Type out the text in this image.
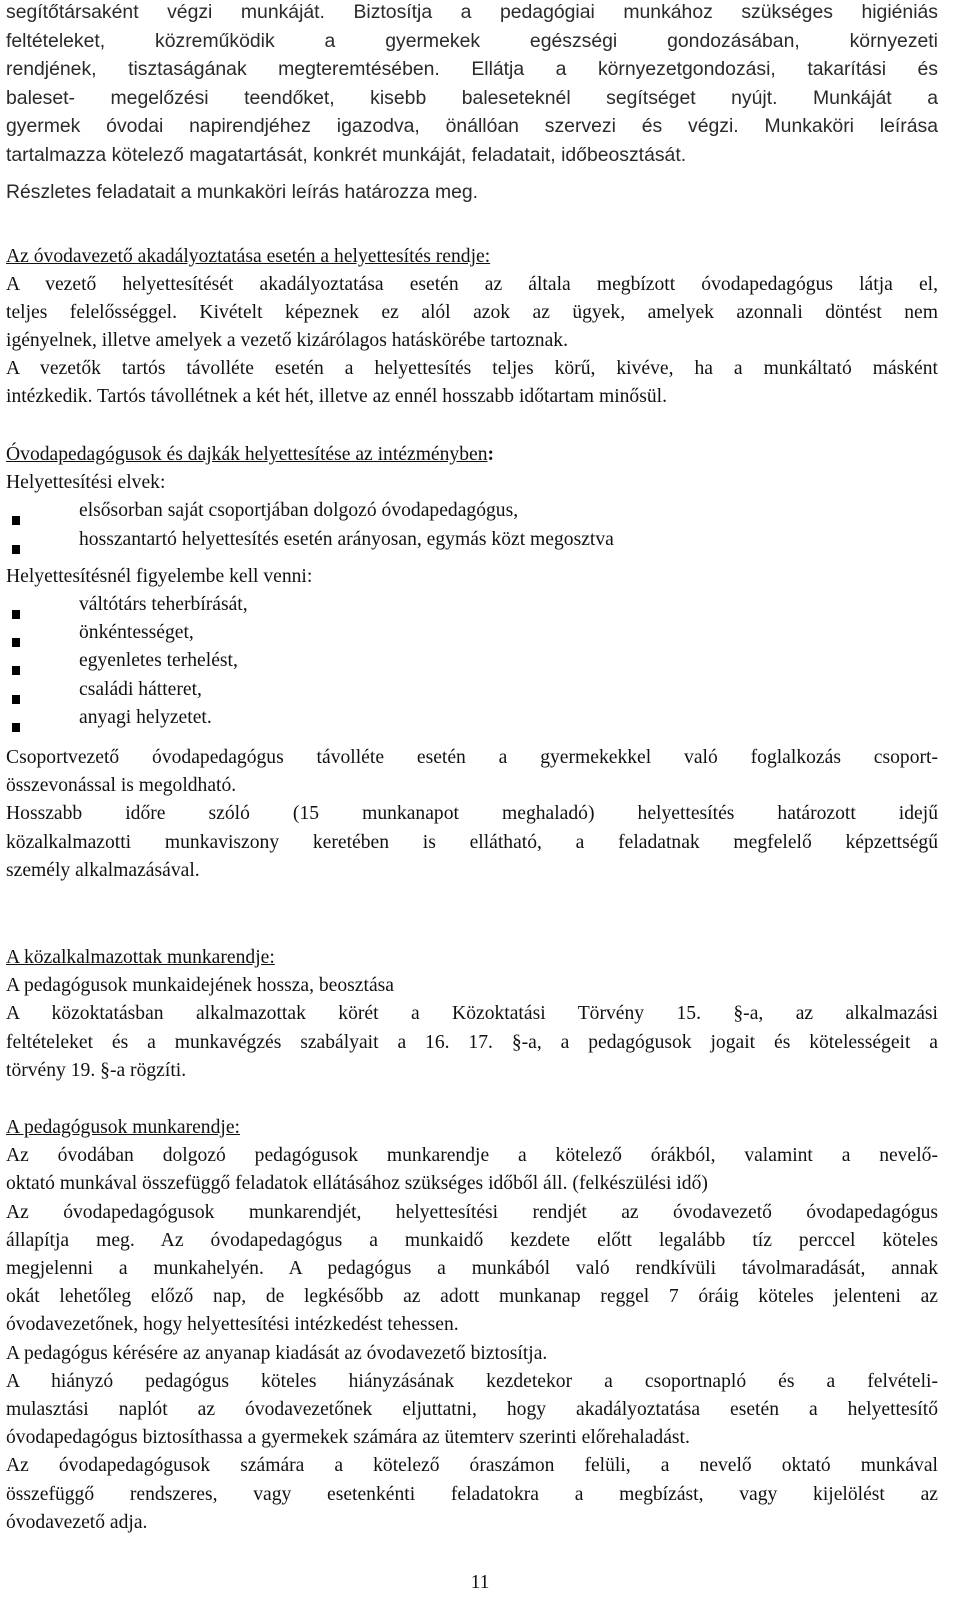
segítőtársaként végzi munkáját. Biztosítja a pedagógiai munkához szükséges higiéniás

feltételeket, közreműködik a gyermekek egészségi gondozásában, környezeti

rendjének, tisztaságának megteremtésében. Ellátja a környezetgondozási, takarítási és

baleset- megelőzési teendőket, kisebb baleseteknél segítséget nyújt. Munkáját a

gyermek óvodai napirendjéhez igazodva, önállóan szervezi és végzi. Munkaköri leírása

tartalmazza kötelező magatartását, konkrét munkáját, feladatait, időbeosztását.

Részletes feladatait a munkaköri leírás határozza meg.

Az óvodavezető akadályoztatása esetén a helyettesítés rendje:

A vezető helyettesítését akadályoztatása esetén az általa megbízott óvodapedagógus látja el,

teljes felelősséggel. Kivételt képeznek ez alól azok az ügyek, amelyek azonnali döntést nem

igényelnek, illetve amelyek a vezető kizárólagos hatáskörébe tartoznak.

A vezetők tartós távolléte esetén a helyettesítés teljes körű, kivéve, ha a munkáltató másként

intézkedik. Tartós távollétnek a két hét, illetve az ennél hosszabb időtartam minősül.

Óvodapedagógusok és dajkák helyettesítése az intézményben:

Helyettesítési elvek:

elsősorban saját csoportjában dolgozó óvodapedagógus,
hosszantartó helyettesítés esetén arányosan, egymás közt megosztva

Helyettesítésnél figyelembe kell venni:

váltótárs teherbírását,
önkéntességet,
egyenletes terhelést,
családi hátteret,
anyagi helyzetet.

Csoportvezető óvodapedagógus távolléte esetén a gyermekekkel való foglalkozás csoport-

összevonással is megoldható.

Hosszabb időre szóló (15 munkanapot meghaladó) helyettesítés határozott idejű

közalkalmazotti munkaviszony keretében is ellátható, a feladatnak megfelelő képzettségű

személy alkalmazásával.

A közalkalmazottak munkarendje:

A pedagógusok munkaidejének hossza, beosztása

A közoktatásban alkalmazottak körét a Közoktatási Törvény 15. §-a, az alkalmazási

feltételeket és a munkavégzés szabályait a 16. 17. §-a, a pedagógusok jogait és kötelességeit a

törvény 19. §-a rögzíti.

A pedagógusok munkarendje:

Az óvodában dolgozó pedagógusok munkarendje a kötelező órákból, valamint a nevelő-

oktató munkával összefüggő feladatok ellátásához szükséges időből áll. (felkészülési idő)

Az óvodapedagógusok munkarendjét, helyettesítési rendjét az óvodavezető óvodapedagógus

állapítja meg. Az óvodapedagógus a munkaidő kezdete előtt legalább tíz perccel köteles

megjelenni a munkahelyén. A pedagógus a munkából való rendkívüli távolmaradását, annak

okát lehetőleg előző nap, de legkésőbb az adott munkanap reggel 7 óráig köteles jelenteni az

óvodavezetőnek, hogy helyettesítési intézkedést tehessen.

A pedagógus kérésére az anyanap kiadását az óvodavezető biztosítja.

A hiányzó pedagógus köteles hiányzásának kezdetekor a csoportnapló és a felvételi-

mulasztási naplót az óvodavezetőnek eljuttatni, hogy akadályoztatása esetén a helyettesítő

óvodapedagógus biztosíthassa a gyermekek számára az ütemterv szerinti előrehaladást.

Az óvodapedagógusok számára a kötelező óraszámon felüli, a nevelő oktató munkával

összefüggő rendszeres, vagy esetenkénti feladatokra a megbízást, vagy kijelölést az

óvodavezető adja.

11
